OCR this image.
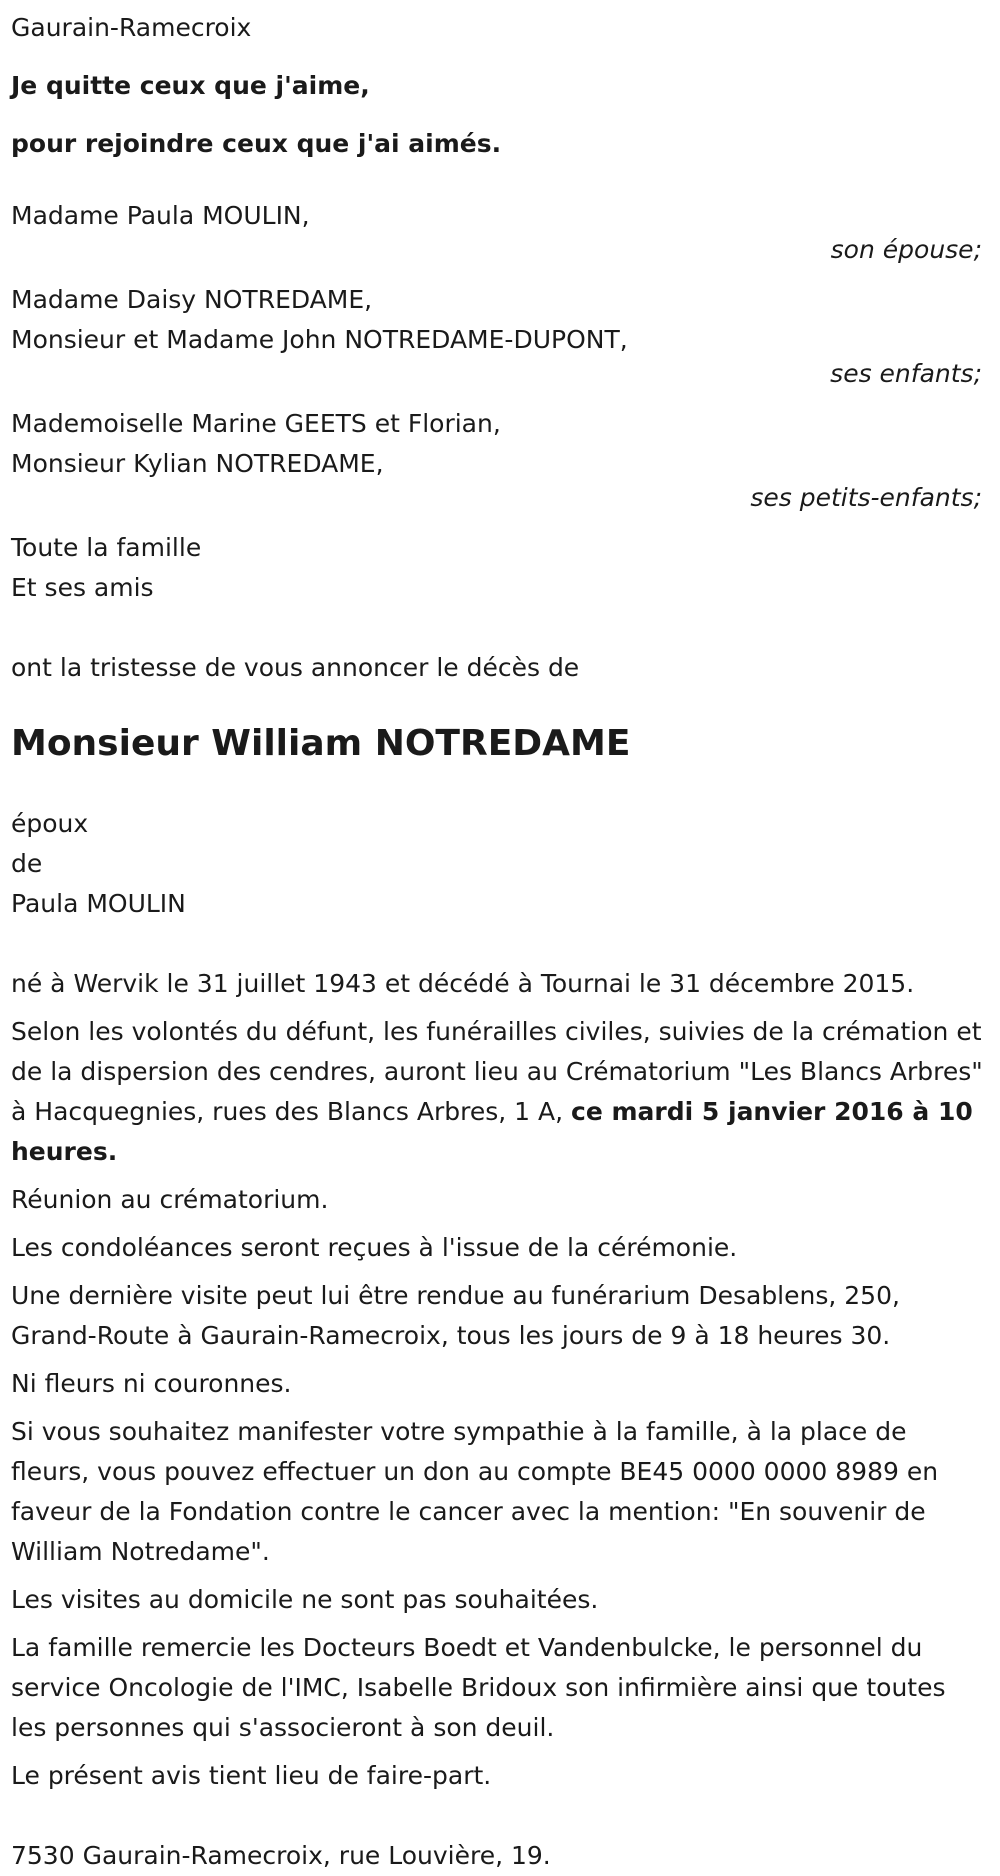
Gaurain-Ramecroix
Je quitte ceux que j'aime,
pour rejoindre ceux que j'ai aimés.
Madame Paula MOULIN,
son épouse;
Madame Daisy NOTREDAME,
Monsieur et Madame John NOTREDAME-DUPONT,
ses enfants;
Mademoiselle Marine GEETS et Florian,
Monsieur Kylian NOTREDAME,
ses petits-enfants;
Toute la famille
Et ses amis
ont la tristesse de vous annoncer le décès de
Monsieur William NOTREDAME
époux
de
Paula MOULIN

né à Wervik le 31 juillet 1943 et décédé à Tournai le 31 décembre 2015.

Selon les volontés du défunt, les funérailles civiles, suivies de la crémation et de la dispersion des cendres, auront lieu au Crématorium "Les Blancs Arbres" à Hacquegnies, rues des Blancs Arbres, 1 A, ce mardi 5 janvier 2016 à 10 heures.

Réunion au crématorium.

Les condoléances seront reçues à l'issue de la cérémonie.

Une dernière visite peut lui être rendue au funérarium Desablens, 250, Grand-Route à Gaurain-Ramecroix, tous les jours de 9 à 18 heures 30.

Ni fleurs ni couronnes.

Si vous souhaitez manifester votre sympathie à la famille, à la place de fleurs, vous pouvez effectuer un don au compte BE45 0000 0000 8989 en faveur de la Fondation contre le cancer avec la mention: "En souvenir de William Notredame".

Les visites au domicile ne sont pas souhaitées.

La famille remercie les Docteurs Boedt et Vandenbulcke, le personnel du service Oncologie de l'IMC, Isabelle Bridoux son infirmière ainsi que toutes les personnes qui s'associeront à son deuil.

Le présent avis tient lieu de faire-part.

7530 Gaurain-Ramecroix, rue Louvière, 19.
